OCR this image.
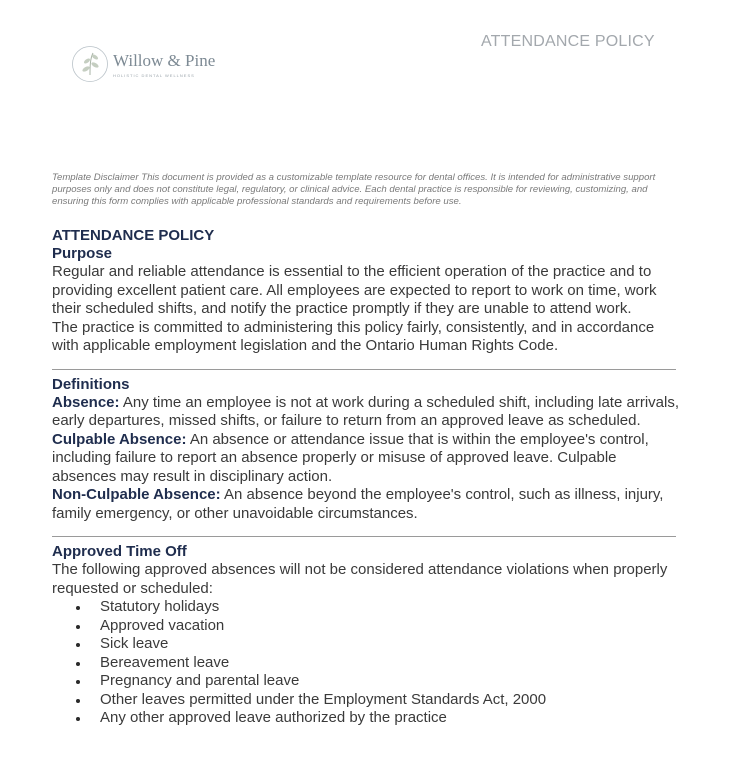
Willow & Pine
HOLISTIC DENTAL WELLNESS
ATTENDANCE POLICY
Template Disclaimer This document is provided as a customizable template resource for dental offices. It is intended for administrative support purposes only and does not constitute legal, regulatory, or clinical advice. Each dental practice is responsible for reviewing, customizing, and ensuring this form complies with applicable professional standards and requirements before use.
ATTENDANCE POLICY
Purpose
Regular and reliable attendance is essential to the efficient operation of the practice and to providing excellent patient care. All employees are expected to report to work on time, work their scheduled shifts, and notify the practice promptly if they are unable to attend work.
The practice is committed to administering this policy fairly, consistently, and in accordance with applicable employment legislation and the Ontario Human Rights Code.
Definitions
Absence: Any time an employee is not at work during a scheduled shift, including late arrivals, early departures, missed shifts, or failure to return from an approved leave as scheduled.
Culpable Absence: An absence or attendance issue that is within the employee's control, including failure to report an absence properly or misuse of approved leave. Culpable absences may result in disciplinary action.
Non-Culpable Absence: An absence beyond the employee's control, such as illness, injury, family emergency, or other unavoidable circumstances.
Approved Time Off
The following approved absences will not be considered attendance violations when properly requested or scheduled:
Statutory holidays
Approved vacation
Sick leave
Bereavement leave
Pregnancy and parental leave
Other leaves permitted under the Employment Standards Act, 2000
Any other approved leave authorized by the practice
